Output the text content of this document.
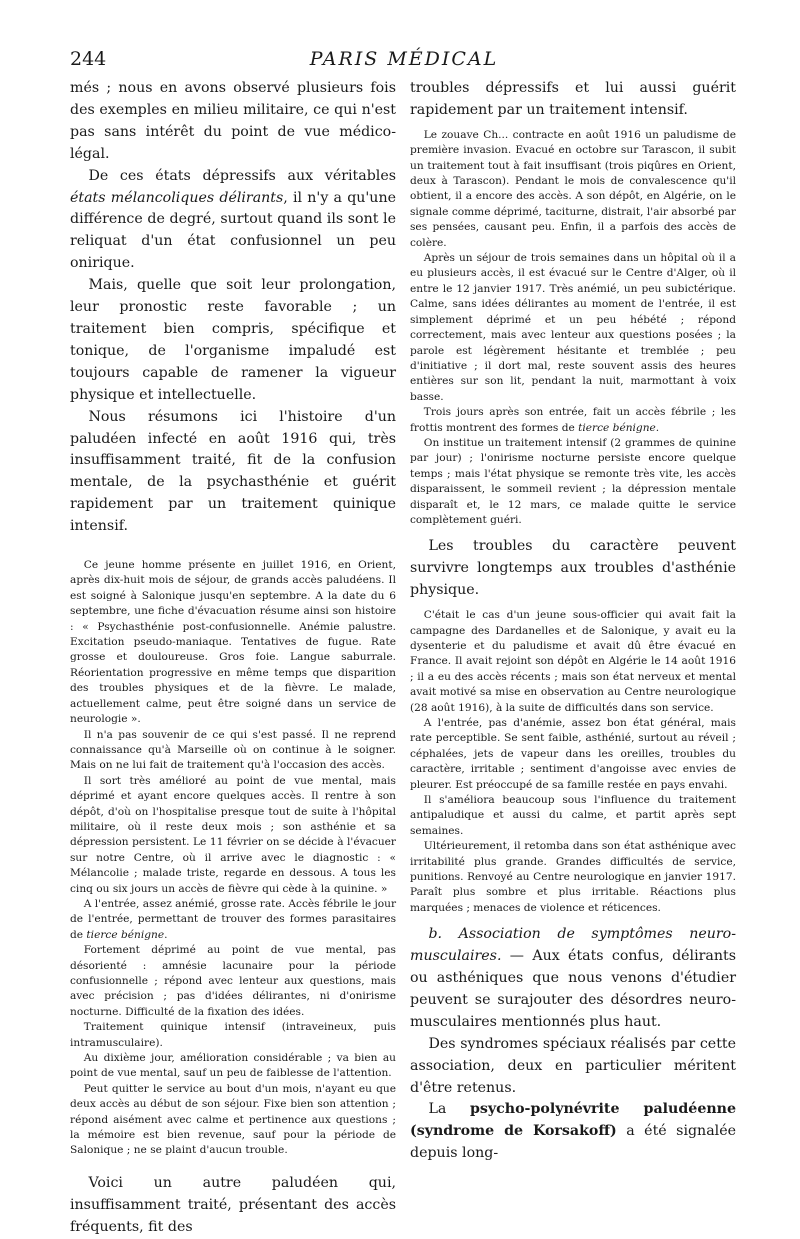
244	PARIS MÉDICAL

més ; nous en avons observé plusieurs fois des exemples en milieu militaire, ce qui n'est pas sans intérêt du point de vue médico-légal.

De ces états dépressifs aux véritables états mélancoliques délirants, il n'y a qu'une différence de degré, surtout quand ils sont le reliquat d'un état confusionnel un peu onirique.

Mais, quelle que soit leur prolongation, leur pronostic reste favorable ; un traitement bien compris, spécifique et tonique, de l'organisme impaludé est toujours capable de ramener la vigueur physique et intellectuelle.

Nous résumons ici l'histoire d'un paludéen infecté en août 1916 qui, très insuffisamment traité, fit de la confusion mentale, de la psychasthénie et guérit rapidement par un traitement quinique intensif.

Ce jeune homme présente en juillet 1916, en Orient, après dix-huit mois de séjour, de grands accès paludéens. Il est soigné à Salonique jusqu'en septembre. A la date du 6 septembre, une fiche d'évacuation résume ainsi son histoire : « Psychasthénie post-confusionnelle. Anémie palustre. Excitation pseudo-maniaque. Tentatives de fugue. Rate grosse et douloureuse. Gros foie. Langue saburrale. Réorientation progressive en même temps que disparition des troubles physiques et de la fièvre. Le malade, actuellement calme, peut être soigné dans un service de neurologie ».

Il n'a pas souvenir de ce qui s'est passé. Il ne reprend connaissance qu'à Marseille où on continue à le soigner. Mais on ne lui fait de traitement qu'à l'occasion des accès.

Il sort très amélioré au point de vue mental, mais déprimé et ayant encore quelques accès. Il rentre à son dépôt, d'où on l'hospitalise presque tout de suite à l'hôpital militaire, où il reste deux mois ; son asthénie et sa dépression persistent. Le 11 février on se décide à l'évacuer sur notre Centre, où il arrive avec le diagnostic : « Mélancolie ; malade triste, regarde en dessous. A tous les cinq ou six jours un accès de fièvre qui cède à la quinine. »

A l'entrée, assez anémié, grosse rate. Accès fébrile le jour de l'entrée, permettant de trouver des formes parasitaires de tierce bénigne.

Fortement déprimé au point de vue mental, pas désorienté : amnésie lacunaire pour la période confusionnelle ; répond avec lenteur aux questions, mais avec précision ; pas d'idées délirantes, ni d'onirisme nocturne. Difficulté de la fixation des idées.

Traitement quinique intensif (intraveineux, puis intramusculaire).

Au dixième jour, amélioration considérable ; va bien au point de vue mental, sauf un peu de faiblesse de l'attention.

Peut quitter le service au bout d'un mois, n'ayant eu que deux accès au début de son séjour. Fixe bien son attention ; répond aisément avec calme et pertinence aux questions ; la mémoire est bien revenue, sauf pour la période de Salonique ; ne se plaint d'aucun trouble.

Voici un autre paludéen qui, insuffisamment traité, présentant des accès fréquents, fit des

troubles dépressifs et lui aussi guérit rapidement par un traitement intensif.

Le zouave Ch... contracte en août 1916 un paludisme de première invasion. Evacué en octobre sur Tarascon, il subit un traitement tout à fait insuffisant (trois piqûres en Orient, deux à Tarascon). Pendant le mois de convalescence qu'il obtient, il a encore des accès. A son dépôt, en Algérie, on le signale comme déprimé, taciturne, distrait, l'air absorbé par ses pensées, causant peu. Enfin, il a parfois des accès de colère.

Après un séjour de trois semaines dans un hôpital où il a eu plusieurs accès, il est évacué sur le Centre d'Alger, où il entre le 12 janvier 1917. Très anémié, un peu subictérique. Calme, sans idées délirantes au moment de l'entrée, il est simplement déprimé et un peu hébété ; répond correctement, mais avec lenteur aux questions posées ; la parole est légèrement hésitante et tremblée ; peu d'initiative ; il dort mal, reste souvent assis des heures entières sur son lit, pendant la nuit, marmottant à voix basse.

Trois jours après son entrée, fait un accès fébrile ; les frottis montrent des formes de tierce bénigne.

On institue un traitement intensif (2 grammes de quinine par jour) ; l'onirisme nocturne persiste encore quelque temps ; mais l'état physique se remonte très vite, les accès disparaissent, le sommeil revient ; la dépression mentale disparaît et, le 12 mars, ce malade quitte le service complètement guéri.

Les troubles du caractère peuvent survivre longtemps aux troubles d'asthénie physique.

C'était le cas d'un jeune sous-officier qui avait fait la campagne des Dardanelles et de Salonique, y avait eu la dysenterie et du paludisme et avait dû être évacué en France. Il avait rejoint son dépôt en Algérie le 14 août 1916 ; il a eu des accès récents ; mais son état nerveux et mental avait motivé sa mise en observation au Centre neurologique (28 août 1916), à la suite de difficultés dans son service.

A l'entrée, pas d'anémie, assez bon état général, mais rate perceptible. Se sent faible, asthénié, surtout au réveil ; céphalées, jets de vapeur dans les oreilles, troubles du caractère, irritable ; sentiment d'angoisse avec envies de pleurer. Est préoccupé de sa famille restée en pays envahi.

Il s'améliora beaucoup sous l'influence du traitement antipaludique et aussi du calme, et partit après sept semaines.

Ultérieurement, il retomba dans son état asthénique avec irritabilité plus grande. Grandes difficultés de service, punitions. Renvoyé au Centre neurologique en janvier 1917. Paraît plus sombre et plus irritable. Réactions plus marquées ; menaces de violence et réticences.

b. Association de symptômes neuro-musculaires. — Aux états confus, délirants ou asthéniques que nous venons d'étudier peuvent se surajouter des désordres neuro-musculaires mentionnés plus haut.

Des syndromes spéciaux réalisés par cette association, deux en particulier méritent d'être retenus.

La psycho-polynévrite paludéenne (syndrome de Korsakoff) a été signalée depuis long-
